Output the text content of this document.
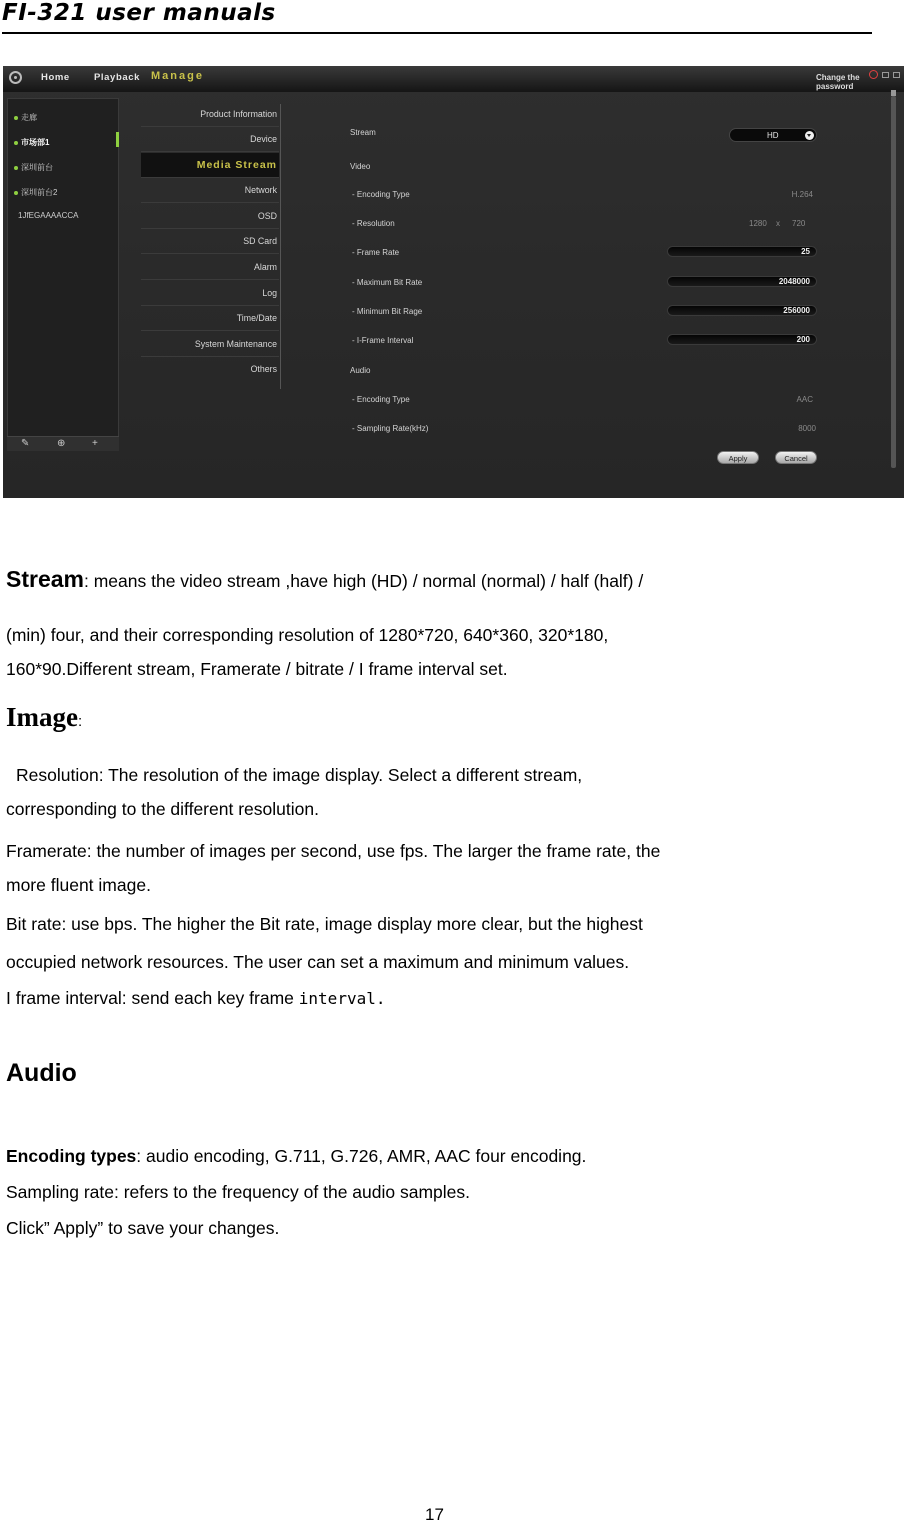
FI-321 user manuals
Home	Playback Manage	Change the
password
走廊
市场部1
深圳前台
深圳前台2
1JfEGAAAACCA
✎	⊕	+
Product Information
Device
Media Stream
Network
OSD
SD Card
Alarm
Log
Time/Date
System Maintenance
Others
Stream	HD
Video
- Encoding Type	H.264
- Resolution	1280 x 720
- Frame Rate	25
- Maximum Bit Rate	2048000
- Minimum Bit Rage	256000
- I-Frame Interval	200
Audio
- Encoding Type	AAC
- Sampling Rate(kHz)	8000
Apply	Cancel
Stream: means the video stream ,have high (HD) / normal (normal) / half (half) /
(min) four, and their corresponding resolution of 1280*720, 640*360, 320*180,
160*90.Different stream, Framerate / bitrate / I frame interval set.
Image:
Resolution: The resolution of the image display. Select a different stream,
corresponding to the different resolution.
Framerate: the number of images per second, use fps. The larger the frame rate, the
more fluent image.
Bit rate: use bps. The higher the Bit rate, image display more clear, but the highest
occupied network resources. The user can set a maximum and minimum values.
I frame interval: send each key frame interval.
Audio
Encoding types: audio encoding, G.711, G.726, AMR, AAC four encoding.
Sampling rate: refers to the frequency of the audio samples.
Click” Apply” to save your changes.
17
